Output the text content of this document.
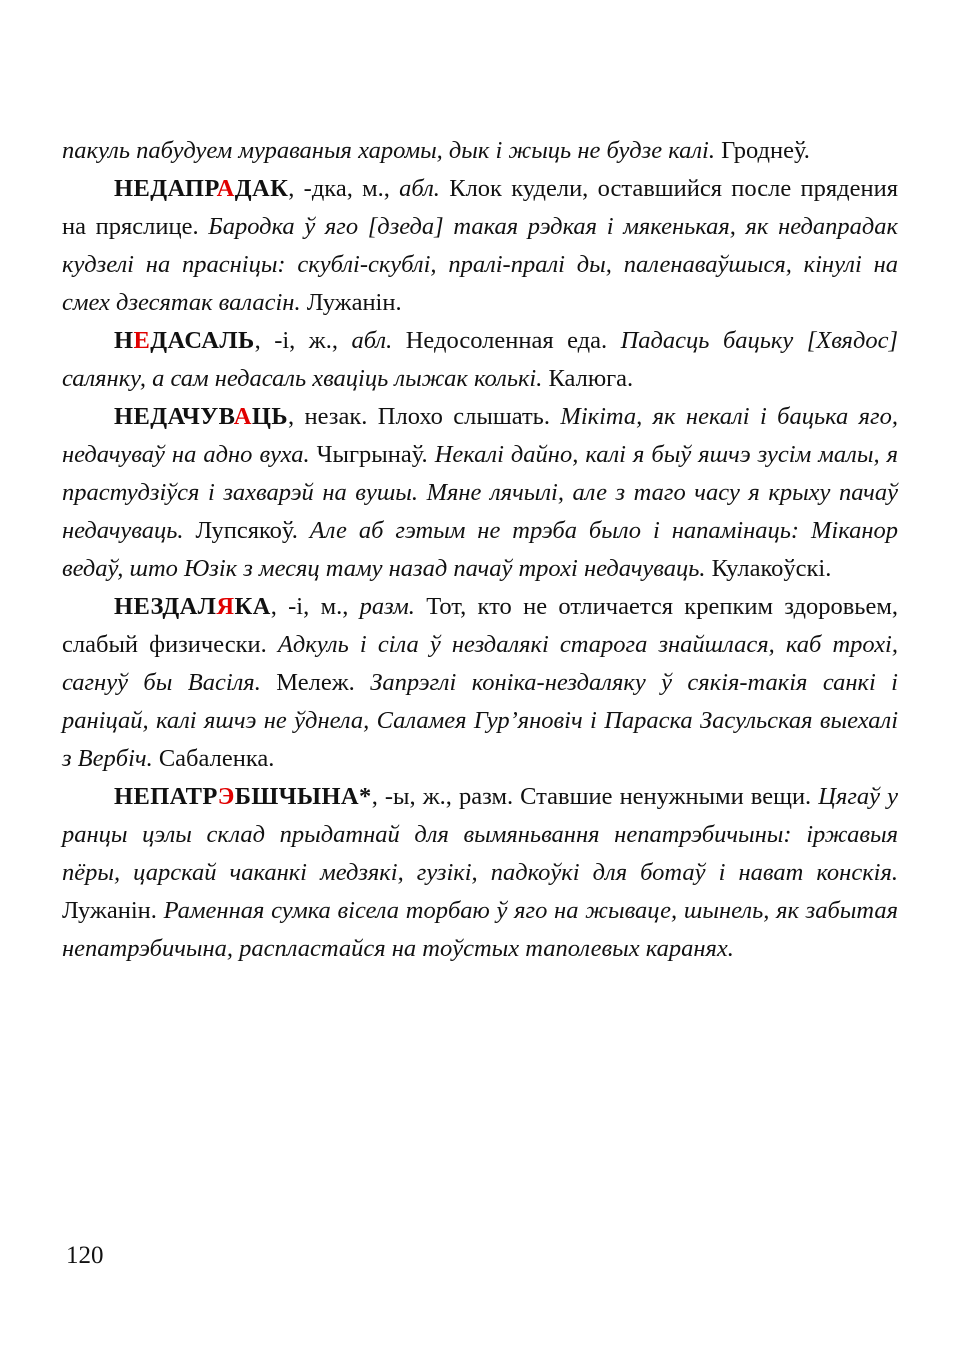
пакуль пабудуем мураваныя харомы, дык і жыць не будзе калі. Гроднеў.

НЕДАПРАДАК, -дка, м., абл. Клок кудели, оставшийся после прядения на пряслице. Бародка ў яго [дзеда] такая рэдкая і мякенькая, як недапрадак кудзелі на прасніцы: скублі-скублі, пралі-пралі ды, паленаваўшыся, кінулі на смех дзесятак валасін. Лужанін.

НЕДАСАЛЬ, -і, ж., абл. Недосоленная еда. Падасць бацьку [Хвядос] салянку, а сам недасаль хваціць лыжак колькі. Калюга.

НЕДАЧУВАЦЬ, незак. Плохо слышать. Мікіта, як некалі і бацька яго, недачуваў на адно вуха. Чыгрынаў. Некалі дайно, калі я быў яшчэ зусім малы, я прастудзіўся і захварэй на вушы. Мяне лячылі, але з таго часу я крыху пачаў недачуваць. Лупсякоў. Але аб гэтым не трэба было і напамінаць: Міканор ведаў, што Юзік з месяц таму назад пачаў трохі недачуваць. Кулакоўскі.

НЕЗДАЛЯКА, -і, м., разм. Тот, кто не отличается крепким здоровьем, слабый физически. Адкуль і сіла ў нездалякі старога знайшлася, каб трохі, сагнуў бы Васіля. Мележ. Запрэглі коніка-нездаляку ў сякія-такія санкі і раніцай, калі яшчэ не ўднела, Саламея Гур’яновіч і Параска Засульская выехалі з Вербіч. Сабаленка.

НЕПАТРЭБШЧЫНА*, -ы, ж., разм. Ставшие ненужными вещи. Цягаў у ранцы цэлы склад прыдатнай для вымяньвання непатрэбичыны: іржавыя пёры, царскай чаканкі медзякі, гузікі, падкоўкі для ботаў і нават конскія. Лужанін. Раменная сумка вісела торбаю ў яго на жываце, шынель, як забытая непатрэбичына, распластайся на тоўстых таполевых каранях.

120
